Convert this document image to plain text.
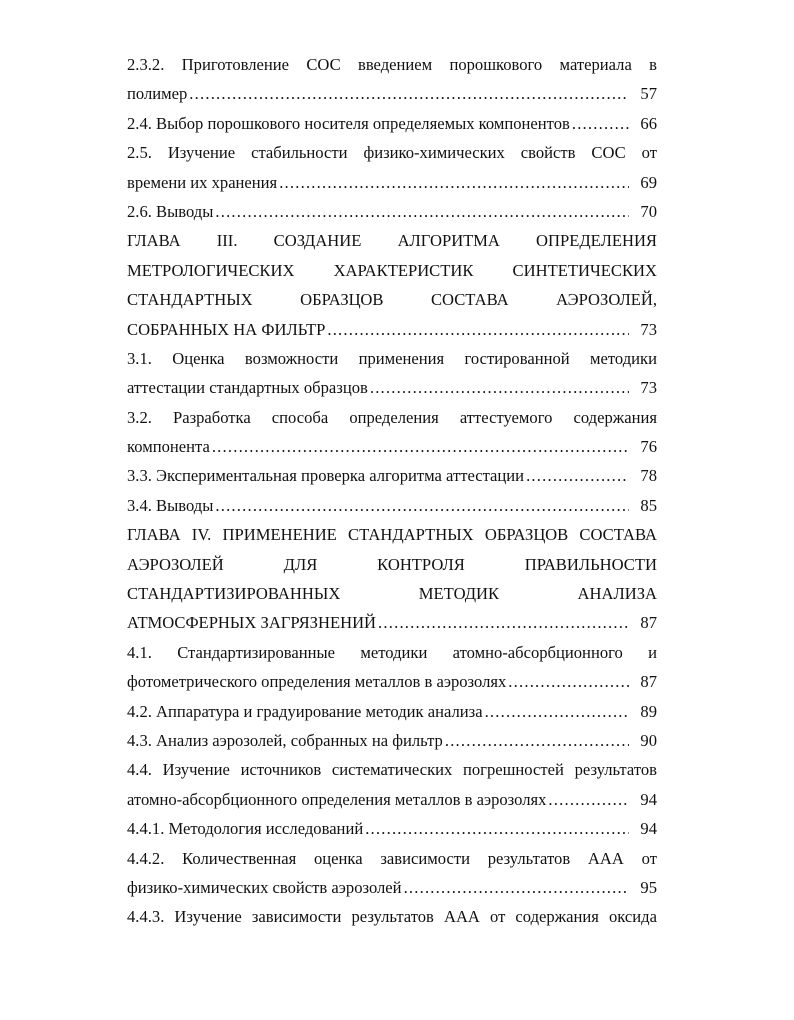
2.3.2. Приготовление СОС введением порошкового материала в
полимер .....	57
2.4. Выбор порошкового носителя определяемых компонентов .....	66
2.5. Изучение стабильности физико-химических свойств СОС от
времени их хранения .....	69
2.6. Выводы .....	70
ГЛАВА III. СОЗДАНИЕ АЛГОРИТМА ОПРЕДЕЛЕНИЯ
МЕТРОЛОГИЧЕСКИХ ХАРАКТЕРИСТИК СИНТЕТИЧЕСКИХ
СТАНДАРТНЫХ ОБРАЗЦОВ СОСТАВА АЭРОЗОЛЕЙ,
СОБРАННЫХ НА ФИЛЬТР .....	73
3.1. Оценка возможности применения гостированной методики
аттестации стандартных образцов .....	73
3.2. Разработка способа определения аттестуемого содержания
компонента .....	76
3.3. Экспериментальная проверка алгоритма аттестации .....	78
3.4. Выводы .....	85
ГЛАВА IV. ПРИМЕНЕНИЕ СТАНДАРТНЫХ ОБРАЗЦОВ СОСТАВА
АЭРОЗОЛЕЙ ДЛЯ КОНТРОЛЯ ПРАВИЛЬНОСТИ
СТАНДАРТИЗИРОВАННЫХ МЕТОДИК АНАЛИЗА
АТМОСФЕРНЫХ ЗАГРЯЗНЕНИЙ .....	87
4.1. Стандартизированные методики атомно-абсорбционного и
фотометрического определения металлов в аэрозолях .....	87
4.2. Аппаратура и градуирование методик анализа .....	89
4.3. Анализ аэрозолей, собранных на фильтр .....	90
4.4. Изучение источников систематических погрешностей результатов
атомно-абсорбционного определения металлов в аэрозолях .....	94
4.4.1. Методология исследований .....	94
4.4.2. Количественная оценка зависимости результатов ААА от
физико-химических свойств аэрозолей .....	95
4.4.3. Изучение зависимости результатов ААА от содержания оксида
